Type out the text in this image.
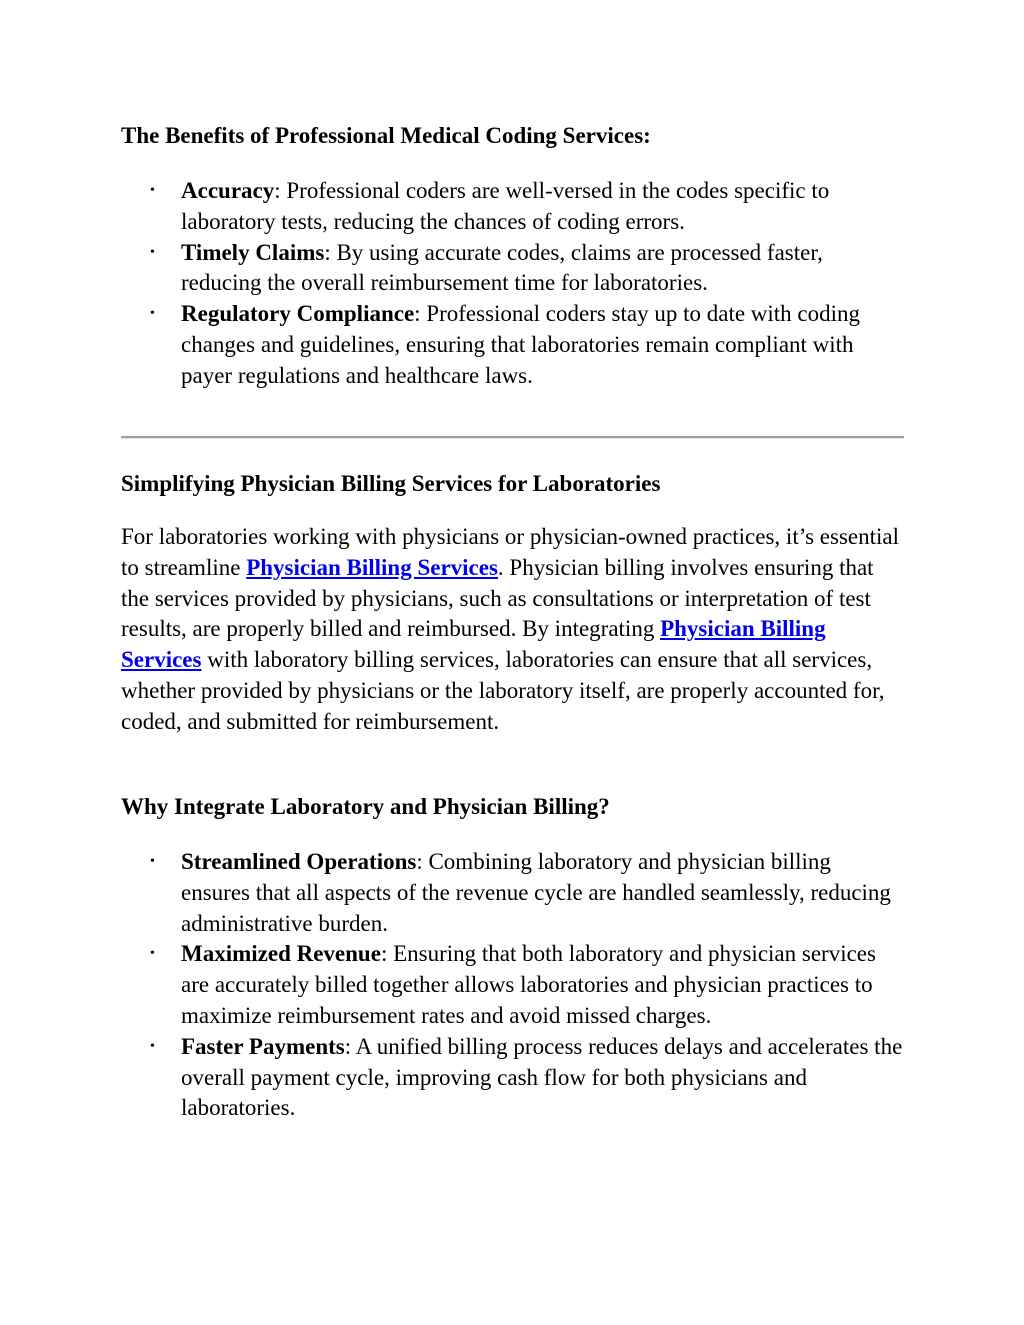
The Benefits of Professional Medical Coding Services:
• Accuracy: Professional coders are well-versed in the codes specific to laboratory tests, reducing the chances of coding errors.
• Timely Claims: By using accurate codes, claims are processed faster, reducing the overall reimbursement time for laboratories.
• Regulatory Compliance: Professional coders stay up to date with coding changes and guidelines, ensuring that laboratories remain compliant with payer regulations and healthcare laws.
Simplifying Physician Billing Services for Laboratories

For laboratories working with physicians or physician-owned practices, it’s essential to streamline Physician Billing Services. Physician billing involves ensuring that the services provided by physicians, such as consultations or interpretation of test results, are properly billed and reimbursed. By integrating Physician Billing Services with laboratory billing services, laboratories can ensure that all services, whether provided by physicians or the laboratory itself, are properly accounted for, coded, and submitted for reimbursement.

Why Integrate Laboratory and Physician Billing?
• Streamlined Operations: Combining laboratory and physician billing ensures that all aspects of the revenue cycle are handled seamlessly, reducing administrative burden.
• Maximized Revenue: Ensuring that both laboratory and physician services are accurately billed together allows laboratories and physician practices to maximize reimbursement rates and avoid missed charges.
• Faster Payments: A unified billing process reduces delays and accelerates the overall payment cycle, improving cash flow for both physicians and laboratories.
